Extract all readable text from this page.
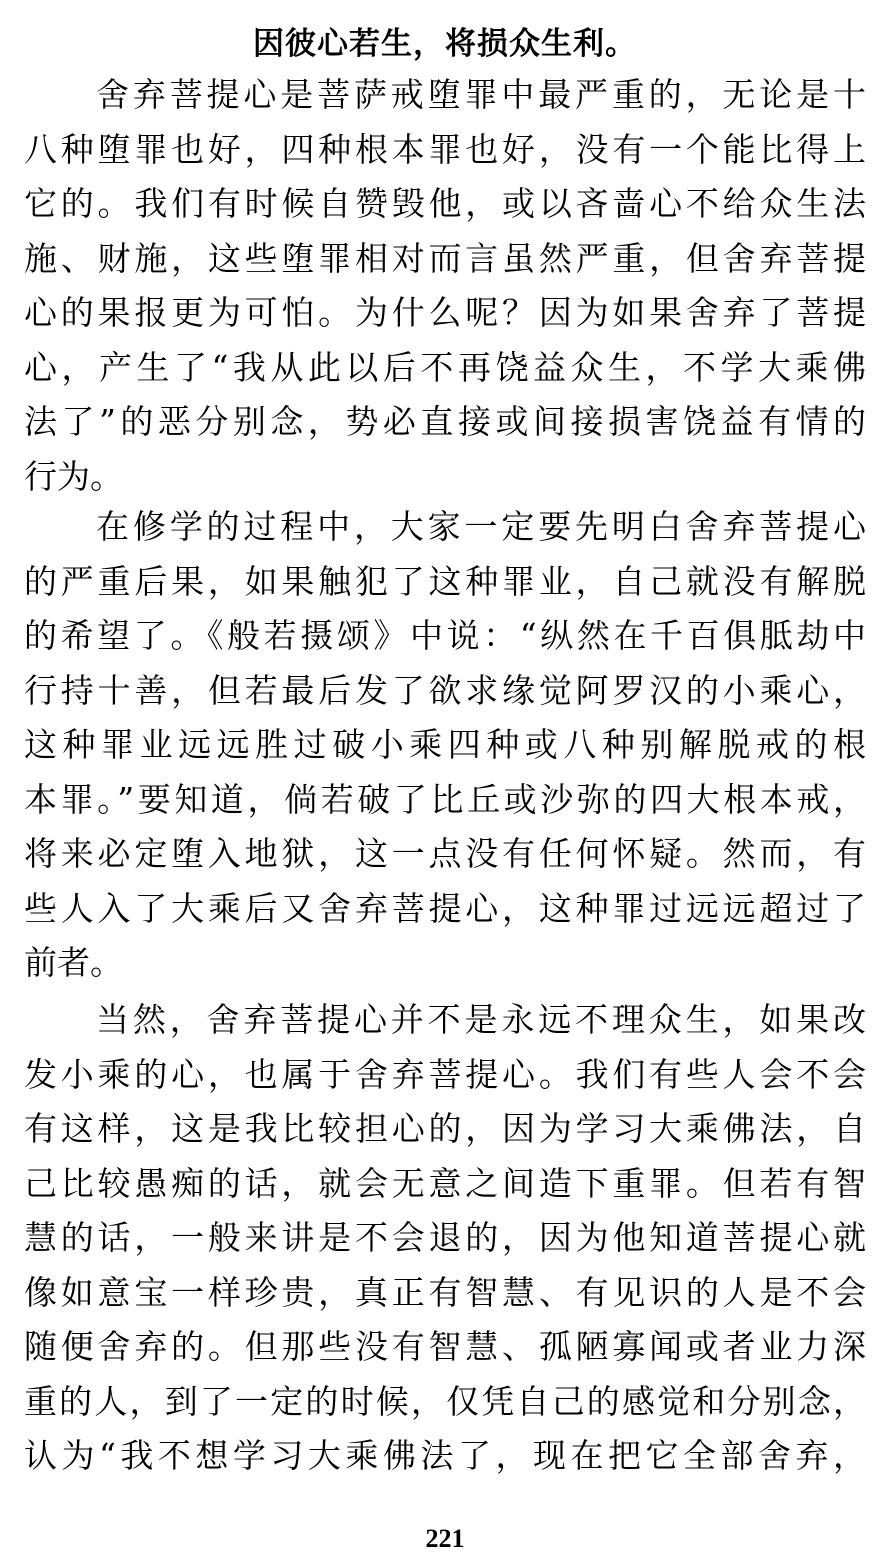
因彼心若生，将损众生利。
舍弃菩提心是菩萨戒堕罪中最严重的，无论是十
八种堕罪也好，四种根本罪也好，没有一个能比得上
它的。我们有时候自赞毁他，或以吝啬心不给众生法
施、财施，这些堕罪相对而言虽然严重，但舍弃菩提
心的果报更为可怕。为什么呢？因为如果舍弃了菩提
心，产生了“我从此以后不再饶益众生，不学大乘佛
法了”的恶分别念，势必直接或间接损害饶益有情的
行为。
在修学的过程中，大家一定要先明白舍弃菩提心
的严重后果，如果触犯了这种罪业，自己就没有解脱
的希望了。《般若摄颂》中说：“纵然在千百俱胝劫中
行持十善，但若最后发了欲求缘觉阿罗汉的小乘心，
这种罪业远远胜过破小乘四种或八种别解脱戒的根
本罪。”要知道，倘若破了比丘或沙弥的四大根本戒，
将来必定堕入地狱，这一点没有任何怀疑。然而，有
些人入了大乘后又舍弃菩提心，这种罪过远远超过了
前者。
当然，舍弃菩提心并不是永远不理众生，如果改
发小乘的心，也属于舍弃菩提心。我们有些人会不会
有这样，这是我比较担心的，因为学习大乘佛法，自
己比较愚痴的话，就会无意之间造下重罪。但若有智
慧的话，一般来讲是不会退的，因为他知道菩提心就
像如意宝一样珍贵，真正有智慧、有见识的人是不会
随便舍弃的。但那些没有智慧、孤陋寡闻或者业力深
重的人，到了一定的时候，仅凭自己的感觉和分别念，
认为“我不想学习大乘佛法了，现在把它全部舍弃，
221
